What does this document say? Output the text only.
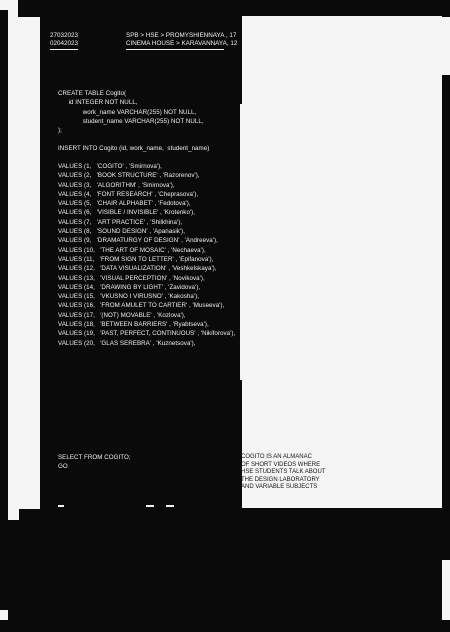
27032023
02042023
SPB > HSE > PROMYSHIENNAYA , 17
CINEMA HOUSE > KARAVANNAYA, 12
CREATE TABLE Cogito(
id INTEGER NOT NULL,
work_name VARCHAR(255) NOT NULL,
student_name VARCHAR(255) NOT NULL,
);
INSERT INTO Cogito (id, work_name,  student_name)
VALUES (1,   'COGITO' , 'Smirnova'),
VALUES (2,   'BOOK STRUCTURE' , 'Razorenov'),
VALUES (3,   'ALGORITHM' , 'Smirnova'),
VALUES (4,   'FONT RESEARCH' , 'Cheprasova'),
VALUES (5,   'CHAIR ALPHABET' , 'Fedotova'),
VALUES (6,   'VISIBLE / INVISIBLE' , 'Krotenko'),
VALUES (7,   'ART PRACTICE' , 'Shilkhina'),
VALUES (8,   'SOUND DESIGN' , 'Apanasik'),
VALUES (9,   'DRAMATURGY OF DESIGN' , 'Andreeva'),
VALUES (10,   'THE ART OF MOSAIC' , 'Nechaeva'),
VALUES (11,   'FROM SIGN TO LETTER' , 'Epifanova'),
VALUES (12,   'DATA VISUALIZATION' , 'Veshkelskaya'),
VALUES (13,   'VISUAL PERCEPTION' , 'Novikova'),
VALUES (14,   'DRAWING BY LIGHT' , 'Zavidova'),
VALUES (15,   'VKUSNO I VIRUSNO' , 'Kakosha'),
VALUES (16,   'FROM AMULET TO CARTIER' , 'Museeva'),
VALUES (17,   '(NOT) MOVABLE' , 'Kozlova'),
VALUES (18,   'BETWEEN BARRIERS' , 'Ryabtseva'),
VALUES (19,   'PAST, PERFECT, CONTINUOUS' , 'Nikiforova'),
VALUES (20,   'GLAS SEREBRA' , 'Kuznetsova'),
SELECT FROM COGITO;
GO
COGITO IS AN ALMANAC
OF SHORT VIDEOS WHERE
HSE STUDENTS TALK ABOUT
THE DESIGN LABORATORY
AND VARIABLE SUBJECTS
